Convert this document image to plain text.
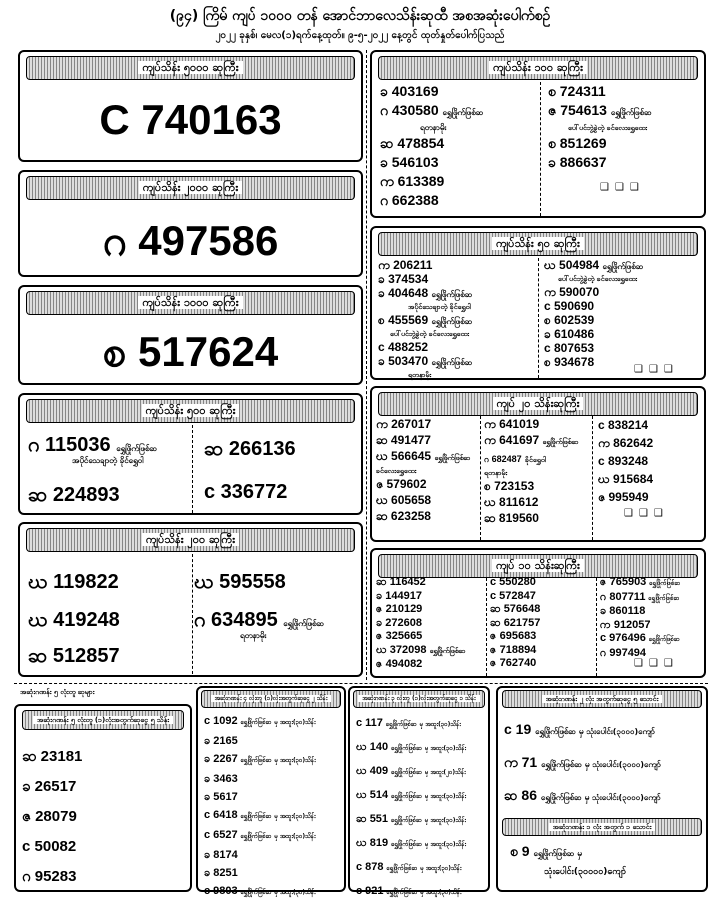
(၉၄) ကြိမ် ကျပ် ၁၀၀၀ တန် အောင်ဘာလေသိန်းဆုထီ အစအဆုံးပေါက်စဉ်
၂၀၂၂ ခုနှစ်၊ မေလ(၁)ရက်နေ့ထုတ်။ ၉-၅-၂၀၂၂ နေ့တွင် ထုတ်နှုတ်ပေါက်ပြသည်
ကျပ်သိန်း ၅၀၀၀ ဆုကြီး
C 740163
ကျပ်သိန်း ၂၀၀၀ ဆုကြီး
ဂ 497586
ကျပ်သိန်း ၁၀၀၀ ဆုကြီး
စ 517624
ကျပ်သိန်း ၅၀၀ ဆုကြီး
ဂ 115036 ရွှေဖြိုက်ဖြစ်ဆ
အပိုင်သေချာတဲ့ ခိုင်ရွှေဝါ
ဆ 266136
ဆ 224893	c 336772
ကျပ်သိန်း ၂၀၀ ဆုကြီး
ဃ 119822	ဃ 595558
ဃ 419248	ဂ 634895 ရွှေဖြိုက်ဖြစ်ဆ
ရတနာမိုး
ဆ 512857
ကျပ်သိန်း ၁၀၀ ဆုကြီး
ခ 403169
ဂ 430580 ရွှေဖြိုက်ဖြစ်ဆ
ရတနာမိုး
ဆ 478854
ခ 546103
က 613389
ဂ 662388
စ 724311
ဇ 754613 ရွှေဖြိုက်ဖြစ်ဆ
ပေါ်ပင်ဘွဲ့ခွဲတဲ့ ခင်လေးရွှေထေး
စ 851269
ခ 886637
❑❑❑
ကျပ်သိန်း ၅၀ ဆုကြီး
က 206211
ခ 374534
ခ 404648 ရွှေဖြိုက်ဖြစ်ဆ
အပိုင်သေချာတဲ့ ခိုင်ရွှေဝါ
စ 455569 ရွှေဖြိုက်ဖြစ်ဆ
ပေါ်ပင်ဘွဲ့ခွဲတဲ့ ခင်လေးရွှေထေး
c 488252
ခ 503470 ရွှေဖြိုက်ဖြစ်ဆ
ရတနာမိုး
ဃ 504984 ရွှေဖြိုက်ဖြစ်ဆ
ပေါ်ပင်ဘွဲ့ခွဲတဲ့ ခင်လေးရွှေထေး
က 590070
c 590690
စ 602539
ခ 610486
c 807653
စ 934678
❑❑❑
ကျပ် ၂၀ သိန်းဆုကြီး
က 267017
ဆ 491477
ဃ 566645 ရွှေဖြိုက်ဖြစ်ဆ
ခင်လေးရွှေထေး
ဇ 579602
ဃ 605658
ဆ 623258
က 641019
က 641697 ရွှေဖြိုက်ဖြစ်ဆ
ဂ 682487 ခိုင်ရွှေဝါ
ရတနာမိုး
စ 723153
ဃ 811612
ဆ 819560
c 838214
က 862642
c 893248
ဃ 915684
ဇ 995949
❑❑❑
ကျပ် ၁၀ သိန်းဆုကြီး
ဆ 116452
ခ 144917
ဇ 210129
ခ 272608
ဇ 325665
ဃ 372098 ရွှေဖြိုက်ဖြစ်ဆ
ဇ 494082
c 550280
c 572847
ဆ 576648
ဆ 621757
ဇ 695683
ဇ 718894
ဇ 762740
ဇ 765903 ရွှေဖြိုက်ဖြစ်ဆ
ဂ 807711 ရွှေဖြိုက်ဖြစ်ဆ
ခ 860118
က 912057
c 976496 ရွှေဖြိုက်ဖြစ်ဆ
ဂ 997494
❑❑❑
အဆုံးဂဏန်း ၅ လုံးတူ ဆုများ
အဆုံးဂဏန်း ၅ လုံးတူ (၁)လုံးအတွက်ဆုငွေ ၅ သိန်း
ဆ 23181
ခ 26517
ဇ 28079
c 50082
ဂ 95283
အဆုံးဂဏန်း ၄ လုံးတူ (၁)လုံးအတွက်ဆုငွေ ၂ သိန်း
c 1092 ရွှေဖြိုက်ဖြစ်ဆ မှ အထူး(၃၀)သိန်း
ခ 2165
ခ 2267 ရွှေဖြိုက်ဖြစ်ဆ မှ အထူး(၃၀)သိန်း
ခ 3463
ခ 5617
c 6418 ရွှေဖြိုက်ဖြစ်ဆ မှ အထူး(၃၀)သိန်း
c 6527 ရွှေဖြိုက်ဖြစ်ဆ မှ အထူး(၃၀)သိန်း
ခ 8174
ခ 8251
c 9803 ရွှေဖြိုက်ဖြစ်ဆ မှ အထူး(၃၀)သိန်း
အဆုံးဂဏန်း ၃ လုံးတူ (၁)လုံးအတွက်ဆုငွေ ၁ သိန်း
c 117 ရွှေဖြိုက်ဖြစ်ဆ မှ အထူး(၃၀)သိန်း
ဃ 140 ရွှေဖြိုက်ဖြစ်ဆ မှ အထူး(၃၀)သိန်း
ဃ 409 ရွှေဖြိုက်ဖြစ်ဆ မှ အထူး(၂၀)သိန်း
ဃ 514 ရွှေဖြိုက်ဖြစ်ဆ မှ အထူး(၃၀)သိန်း
ဆ 551 ရွှေဖြိုက်ဖြစ်ဆ မှ အထူး(၃၀)သိန်း
ဃ 819 ရွှေဖြိုက်ဖြစ်ဆ မှ အထူး(၃၀)သိန်း
c 878 ရွှေဖြိုက်ဖြစ်ဆ မှ အထူး(၃၀)သိန်း
c 921 ရွှေဖြိုက်ဖြစ်ဆ မှ အထူး(၃၀)သိန်း
အဆုံးဂဏန်း ၂ လုံး အတွက်ဆုငွေ ၅ သောင်း
c 19 ရွှေဖြိုက်ဖြစ်ဆ မှ သုံးပေါင်း(၃၀၀၀)ကျော်
က 71 ရွှေဖြိုက်ဖြစ်ဆ မှ သုံးပေါင်း(၃၀၀၀)ကျော်
ဆ 86 ရွှေဖြိုက်ဖြစ်ဆ မှ သုံးပေါင်း(၃၀၀၀)ကျော်
အဆုံးဂဏန်း ၁ လုံး အတွက် ၁ သောင်း
စ 9 ရွှေဖြိုက်ဖြစ်ဆ မှ
သုံးပေါင်း(၃၀၀၀၀)ကျော်
